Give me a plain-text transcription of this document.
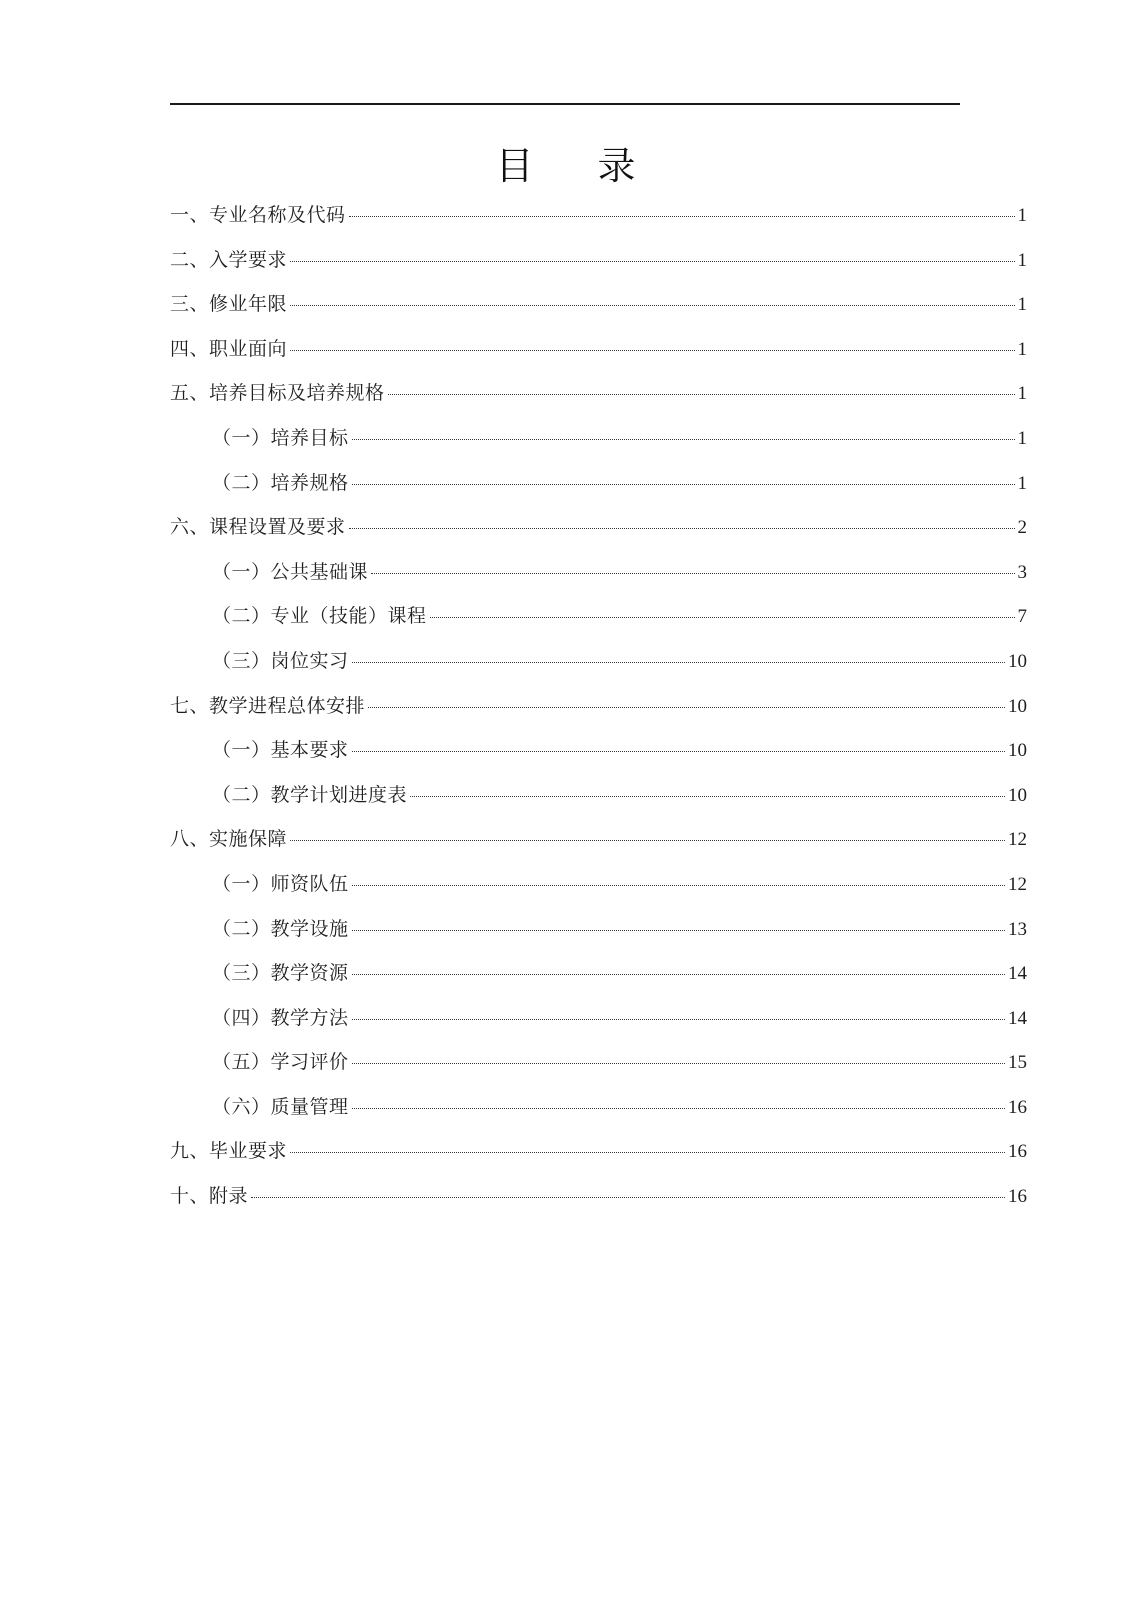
目 录
一、专业名称及代码	1
二、入学要求	1
三、修业年限	1
四、职业面向	1
五、培养目标及培养规格	1
（一）培养目标	1
（二）培养规格	1
六、课程设置及要求	2
（一）公共基础课	3
（二）专业（技能）课程	7
（三）岗位实习	10
七、教学进程总体安排	10
（一）基本要求	10
（二）教学计划进度表	10
八、实施保障	12
（一）师资队伍	12
（二）教学设施	13
（三）教学资源	14
（四）教学方法	14
（五）学习评价	15
（六）质量管理	16
九、毕业要求	16
十、附录	16
